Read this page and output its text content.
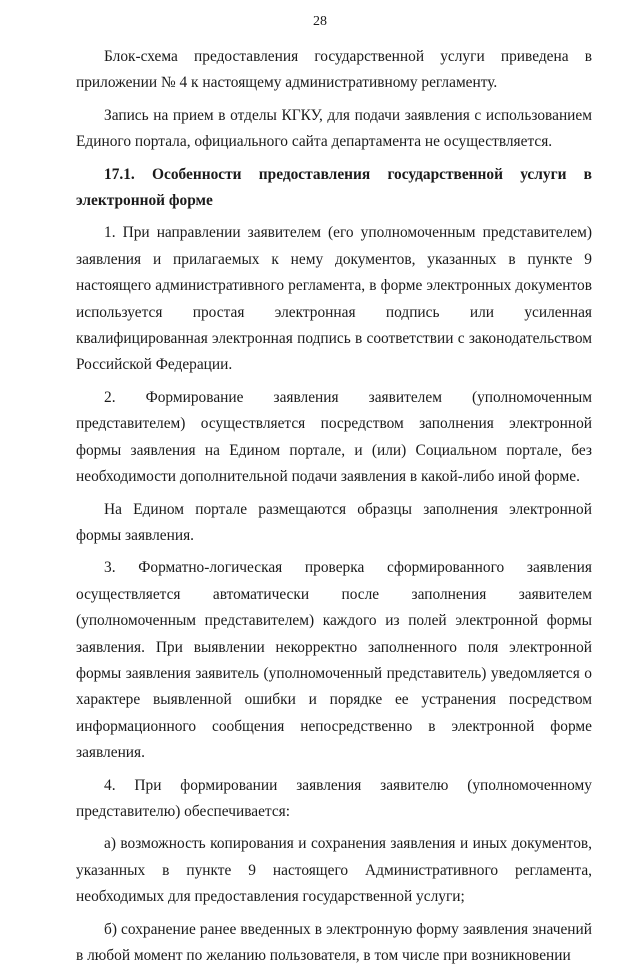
28

Блок-схема предоставления государственной услуги приведена в приложении № 4 к настоящему административному регламенту.

Запись на прием в отделы КГКУ, для подачи заявления с использованием Единого портала, официального сайта департамента не осуществляется.

17.1. Особенности предоставления государственной услуги в электронной форме

1. При направлении заявителем (его уполномоченным представителем) заявления и прилагаемых к нему документов, указанных в пункте 9 настоящего административного регламента, в форме электронных документов используется простая электронная подпись или усиленная квалифицированная электронная подпись в соответствии с законодательством Российской Федерации.

2. Формирование заявления заявителем (уполномоченным представителем) осуществляется посредством заполнения электронной формы заявления на Едином портале, и (или) Социальном портале, без необходимости дополнительной подачи заявления в какой-либо иной форме.

На Едином портале размещаются образцы заполнения электронной формы заявления.

3. Форматно-логическая проверка сформированного заявления осуществляется автоматически после заполнения заявителем (уполномоченным представителем) каждого из полей электронной формы заявления. При выявлении некорректно заполненного поля электронной формы заявления заявитель (уполномоченный представитель) уведомляется о характере выявленной ошибки и порядке ее устранения посредством информационного сообщения непосредственно в электронной форме заявления.

4. При формировании заявления заявителю (уполномоченному представителю) обеспечивается:

а) возможность копирования и сохранения заявления и иных документов, указанных в пункте 9 настоящего Административного регламента, необходимых для предоставления государственной услуги;

б) сохранение ранее введенных в электронную форму заявления значений в любой момент по желанию пользователя, в том числе при возникновении
